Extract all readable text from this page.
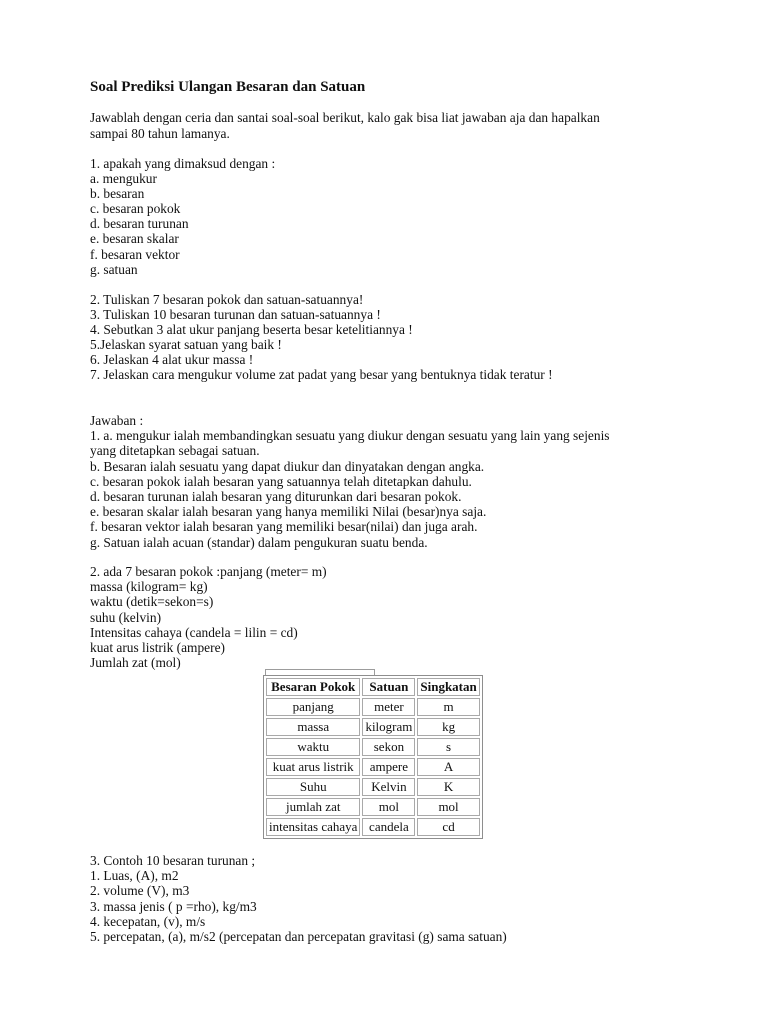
Soal Prediksi Ulangan Besaran dan Satuan
Jawablah dengan ceria dan santai soal-soal berikut, kalo gak bisa liat jawaban aja dan hapalkan
sampai 80 tahun lamanya.
1. apakah yang dimaksud dengan :
a. mengukur
b. besaran
c. besaran pokok
d. besaran turunan
e. besaran skalar
f. besaran vektor
g. satuan
2. Tuliskan 7 besaran pokok dan satuan-satuannya!
3. Tuliskan 10 besaran turunan dan satuan-satuannya !
4. Sebutkan 3 alat ukur panjang beserta besar ketelitiannya !
5.Jelaskan syarat satuan yang baik !
6. Jelaskan 4 alat ukur massa !
7. Jelaskan cara mengukur volume zat padat yang besar yang bentuknya tidak teratur !
Jawaban :
1. a. mengukur ialah membandingkan sesuatu yang diukur dengan sesuatu yang lain yang sejenis
yang ditetapkan sebagai satuan.
b. Besaran ialah sesuatu yang dapat diukur dan dinyatakan dengan angka.
c. besaran pokok ialah besaran yang satuannya telah ditetapkan dahulu.
d. besaran turunan ialah besaran yang diturunkan dari besaran pokok.
e. besaran skalar ialah besaran yang hanya memiliki Nilai (besar)nya saja.
f. besaran vektor ialah besaran yang memiliki besar(nilai) dan juga arah.
g. Satuan ialah acuan (standar) dalam pengukuran suatu benda.
2. ada 7 besaran pokok :panjang (meter= m)
massa (kilogram= kg)
waktu (detik=sekon=s)
suhu (kelvin)
Intensitas cahaya (candela = lilin = cd)
kuat arus listrik (ampere)
Jumlah zat (mol)
Besaran Pokok	Satuan	Singkatan
panjang	meter	m
massa	kilogram	kg
waktu	sekon	s
kuat arus listrik	ampere	A
Suhu	Kelvin	K
jumlah zat	mol	mol
intensitas cahaya	candela	cd
3. Contoh 10 besaran turunan ;
1. Luas, (A), m2
2. volume (V), m3
3. massa jenis ( p =rho), kg/m3
4. kecepatan, (v), m/s
5. percepatan, (a), m/s2 (percepatan dan percepatan gravitasi (g) sama satuan)
